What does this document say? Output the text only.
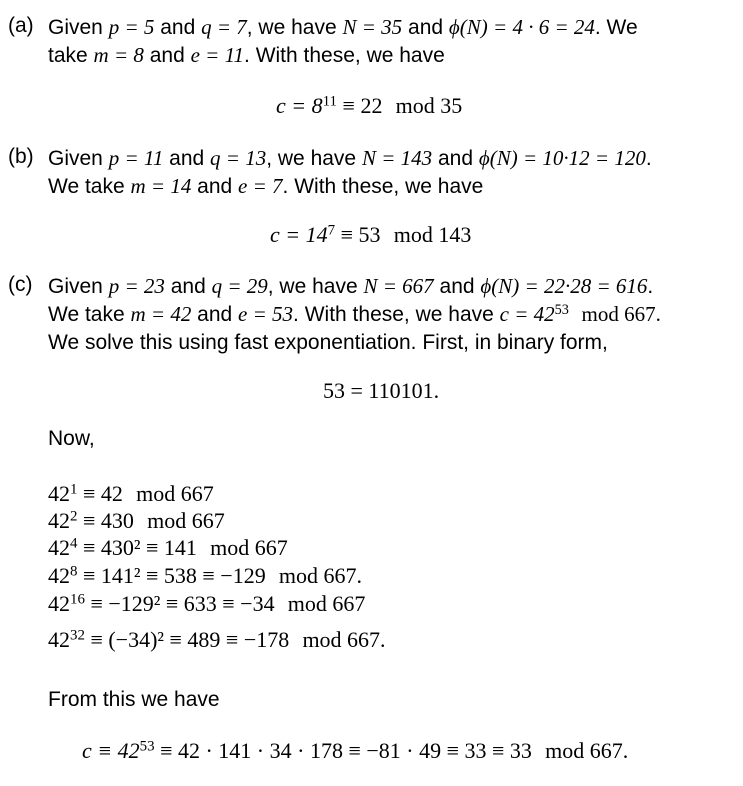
(a) Given p = 5 and q = 7, we have N = 35 and ϕ(N) = 4 · 6 = 24. We
take m = 8 and e = 11. With these, we have
$c = 8^{11} \equiv 22$ mod 35
(b) Given p = 11 and q = 13, we have N = 143 and ϕ(N) = 10·12 = 120.
We take m = 14 and e = 7. With these, we have
$c = 14^7 \equiv 53$ mod 143
(c) Given p = 23 and q = 29, we have N = 667 and ϕ(N) = 22·28 = 616.
We take m = 42 and e = 53. With these, we have $c = 42^{53}$ mod 667.
We solve this using fast exponentiation. First, in binary form,
53 = 110101.
Now,
$42^1 \equiv 42$ mod 667
$42^2 \equiv 430$ mod 667
$42^4 \equiv 430^2 \equiv 141$ mod 667
$42^8 \equiv 141^2 \equiv 538 \equiv -129$ mod 667.
$42^{16} \equiv -129^2 \equiv 633 \equiv -34$ mod 667
$42^{32} \equiv (-34)^2 \equiv 489 \equiv -178$ mod 667.
From this we have
$c \equiv 42^{53} \equiv 42 \cdot 141 \cdot 34 \cdot 178 \equiv -81 \cdot 49 \equiv 33 \equiv 33$ mod 667.
